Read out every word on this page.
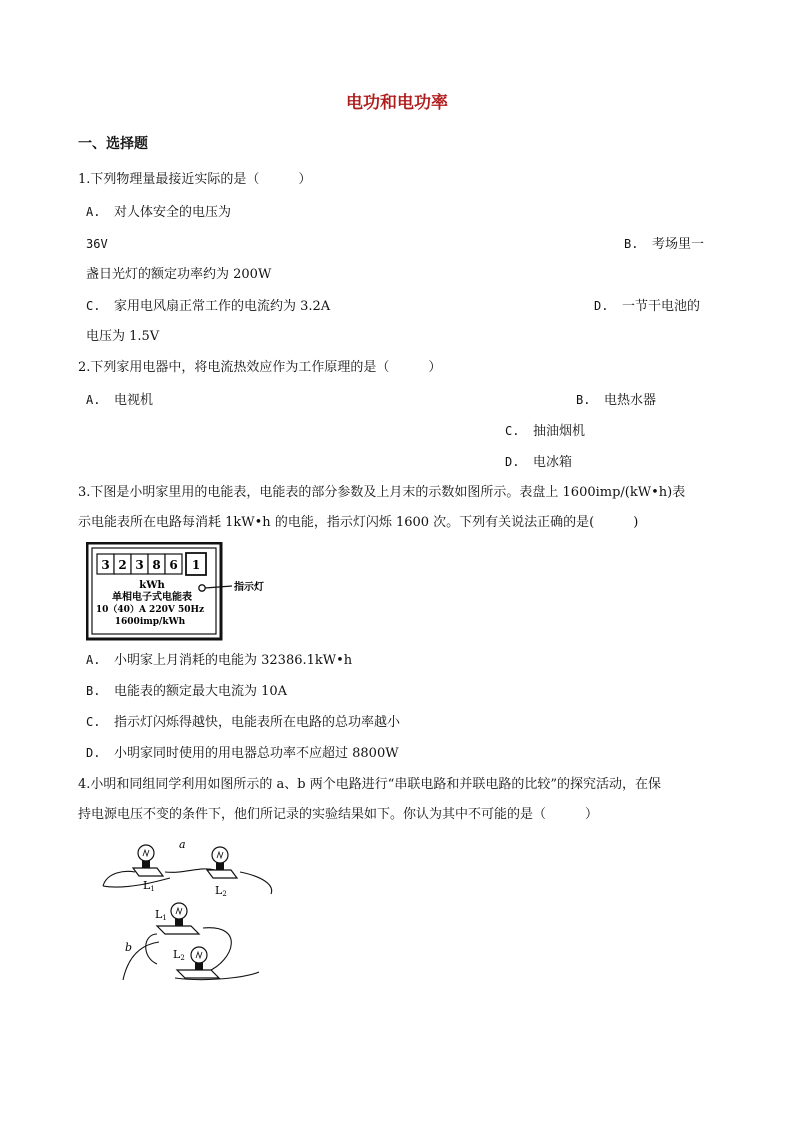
电功和电功率
一、选择题
1.下列物理量最接近实际的是（　　　）
A. 对人体安全的电压为
36V	B. 考场里一
盏日光灯的额定功率约为 200W
C. 家用电风扇正常工作的电流约为 3.2A	D. 一节干电池的
电压为 1.5V
2.下列家用电器中，将电流热效应作为工作原理的是（　　　）
A. 电视机	B. 电热水器
C. 抽油烟机
D. 电冰箱
3.下图是小明家里用的电能表，电能表的部分参数及上月末的示数如图所示。表盘上 1600imp/(kW•h)表
示电能表所在电路每消耗 1kW•h 的电能，指示灯闪烁 1600 次。下列有关说法正确的是(　　　)
3 2 3 8 6 1
kWh
单相电子式电能表
10（40）A 220V 50Hz
1600imp/kWh
指示灯
A. 小明家上月消耗的电能为 32386.1kW•h
B. 电能表的额定最大电流为 10A
C. 指示灯闪烁得越快，电能表所在电路的总功率越小
D. 小明家同时使用的用电器总功率不应超过 8800W
4.小明和同组同学利用如图所示的 a、b 两个电路进行“串联电路和并联电路的比较”的探究活动，在保
持电源电压不变的条件下，他们所记录的实验结果如下。你认为其中不可能的是（　　　）
a
L1	L2
b
L1
L2
